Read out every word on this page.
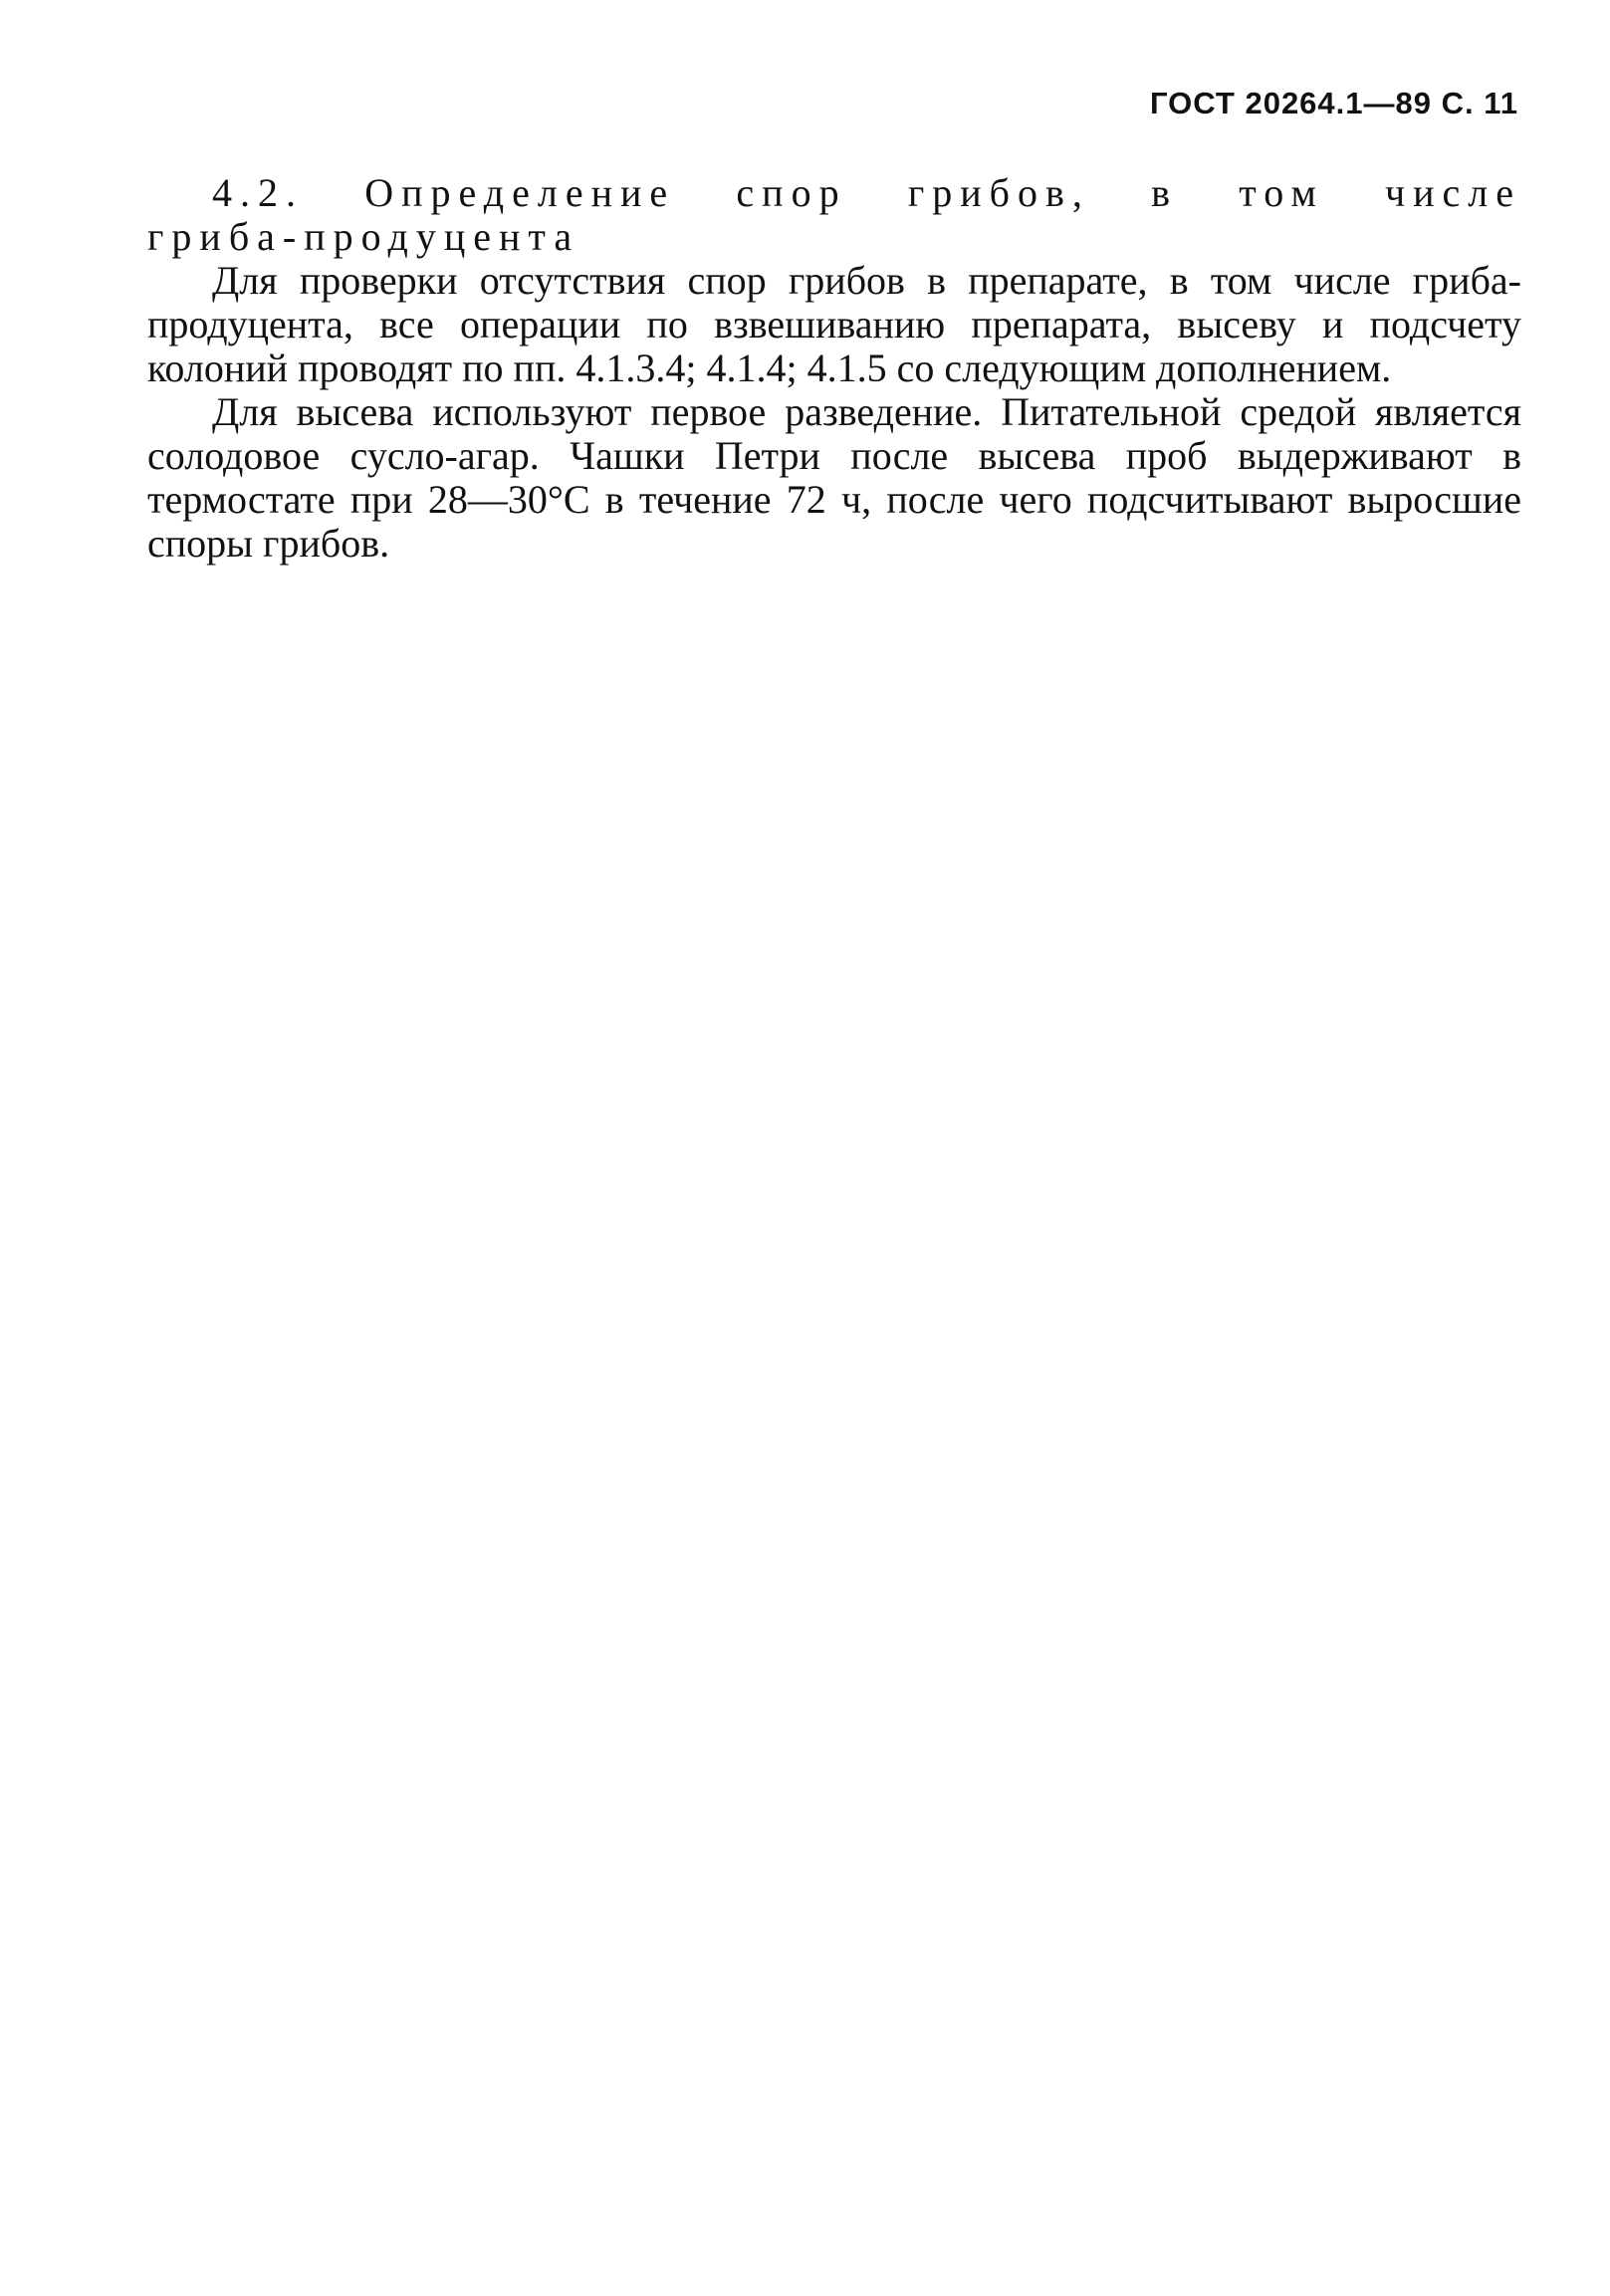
ГОСТ 20264.1—89 С. 11

4.2. Определение спор грибов, в том числе гриба-продуцента

Для проверки отсутствия спор грибов в препарате, в том числе гриба-продуцента, все операции по взвешиванию препарата, высеву и подсчету колоний проводят по пп. 4.1.3.4; 4.1.4; 4.1.5 со следующим дополнением.

Для высева используют первое разведение. Питательной средой является солодовое сусло-агар. Чашки Петри после высева проб выдерживают в термостате при 28—30°С в течение 72 ч, после чего подсчитывают выросшие споры грибов.
